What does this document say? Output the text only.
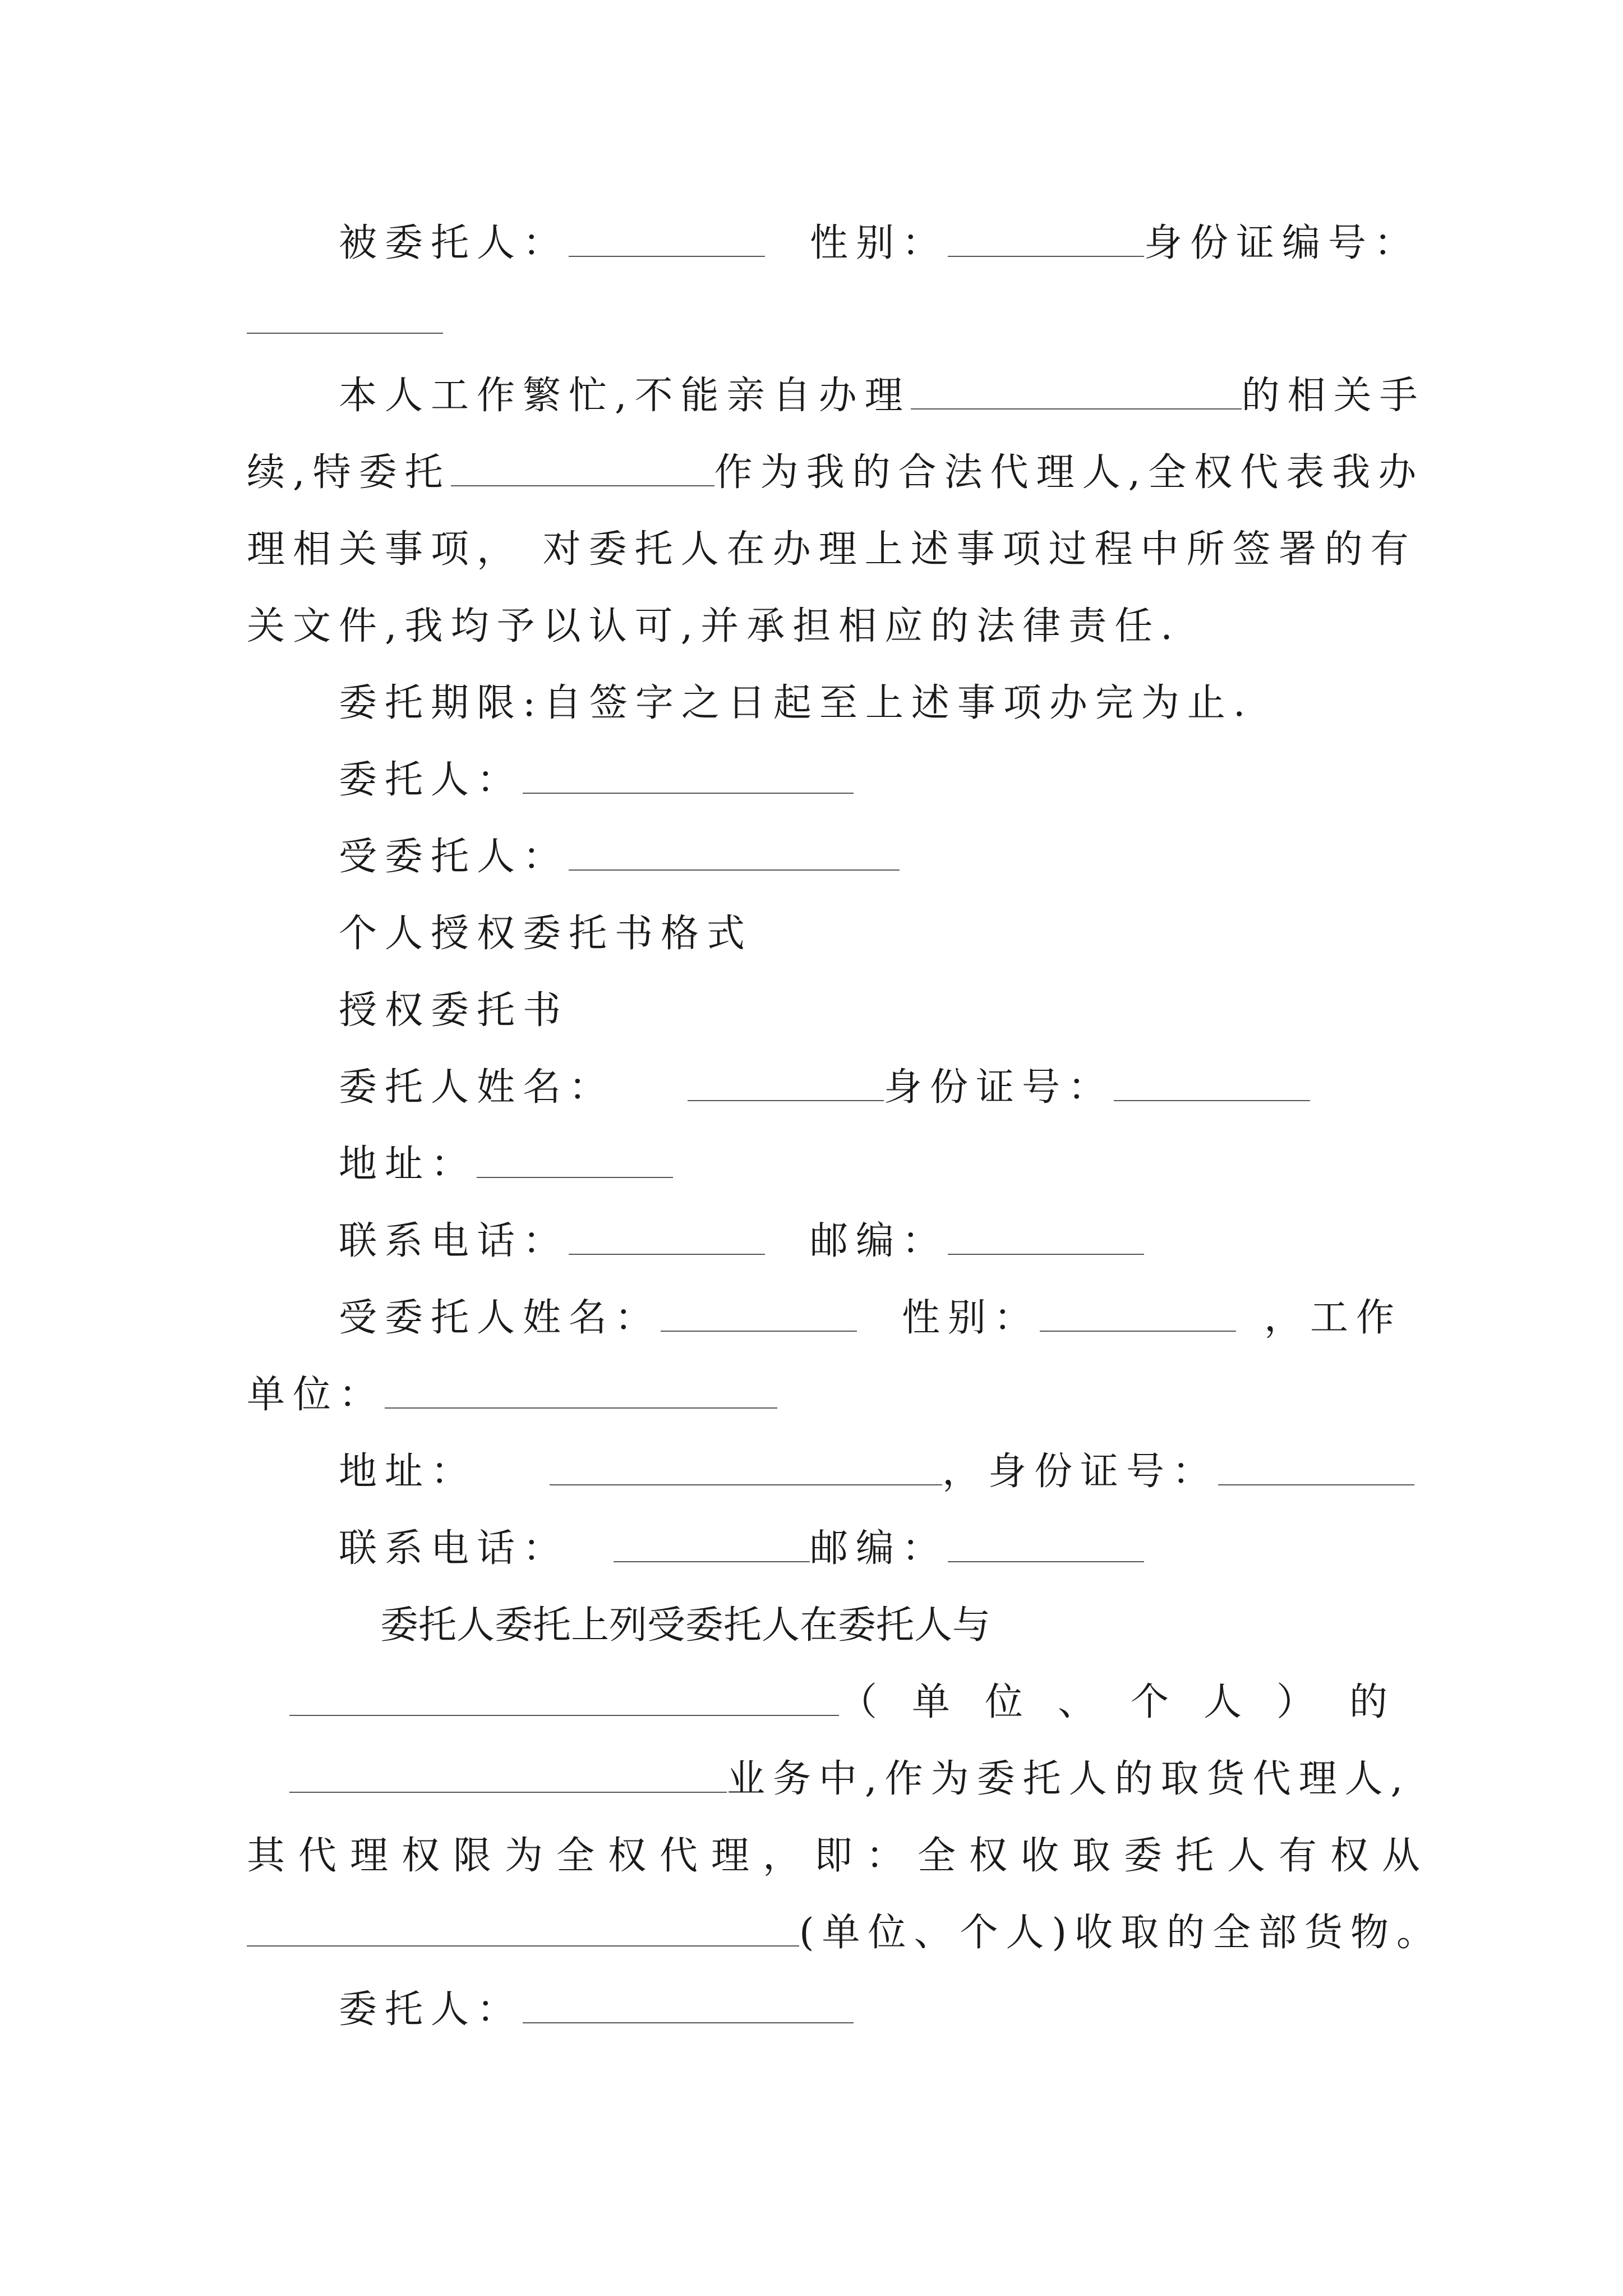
被委托人：	性别：	身份证编号：
本人工作繁忙,不能亲自办理	的相关手
续,特委托	作为我的合法代理人,全权代表我办
理相关事项， 对委托人在办理上述事项过程中所签署的有
关文件,我均予以认可,并承担相应的法律责任.
委托期限:自签字之日起至上述事项办完为止.
委托人：
受委托人：
个人授权委托书格式
授权委托书
委托人姓名：	身份证号：
地址：
联系电话：	邮编：
受委托人姓名：	性别：	，工作
单位：
地址：	，身份证号：
联系电话：	邮编：
委托人委托上列受委托人在委托人与
（单位、个人）的
业务中,作为委托人的取货代理人,
其代理权限为全权代理，即：全权收取委托人有权从
(单位、个人)收取的全部货物。
委托人：
